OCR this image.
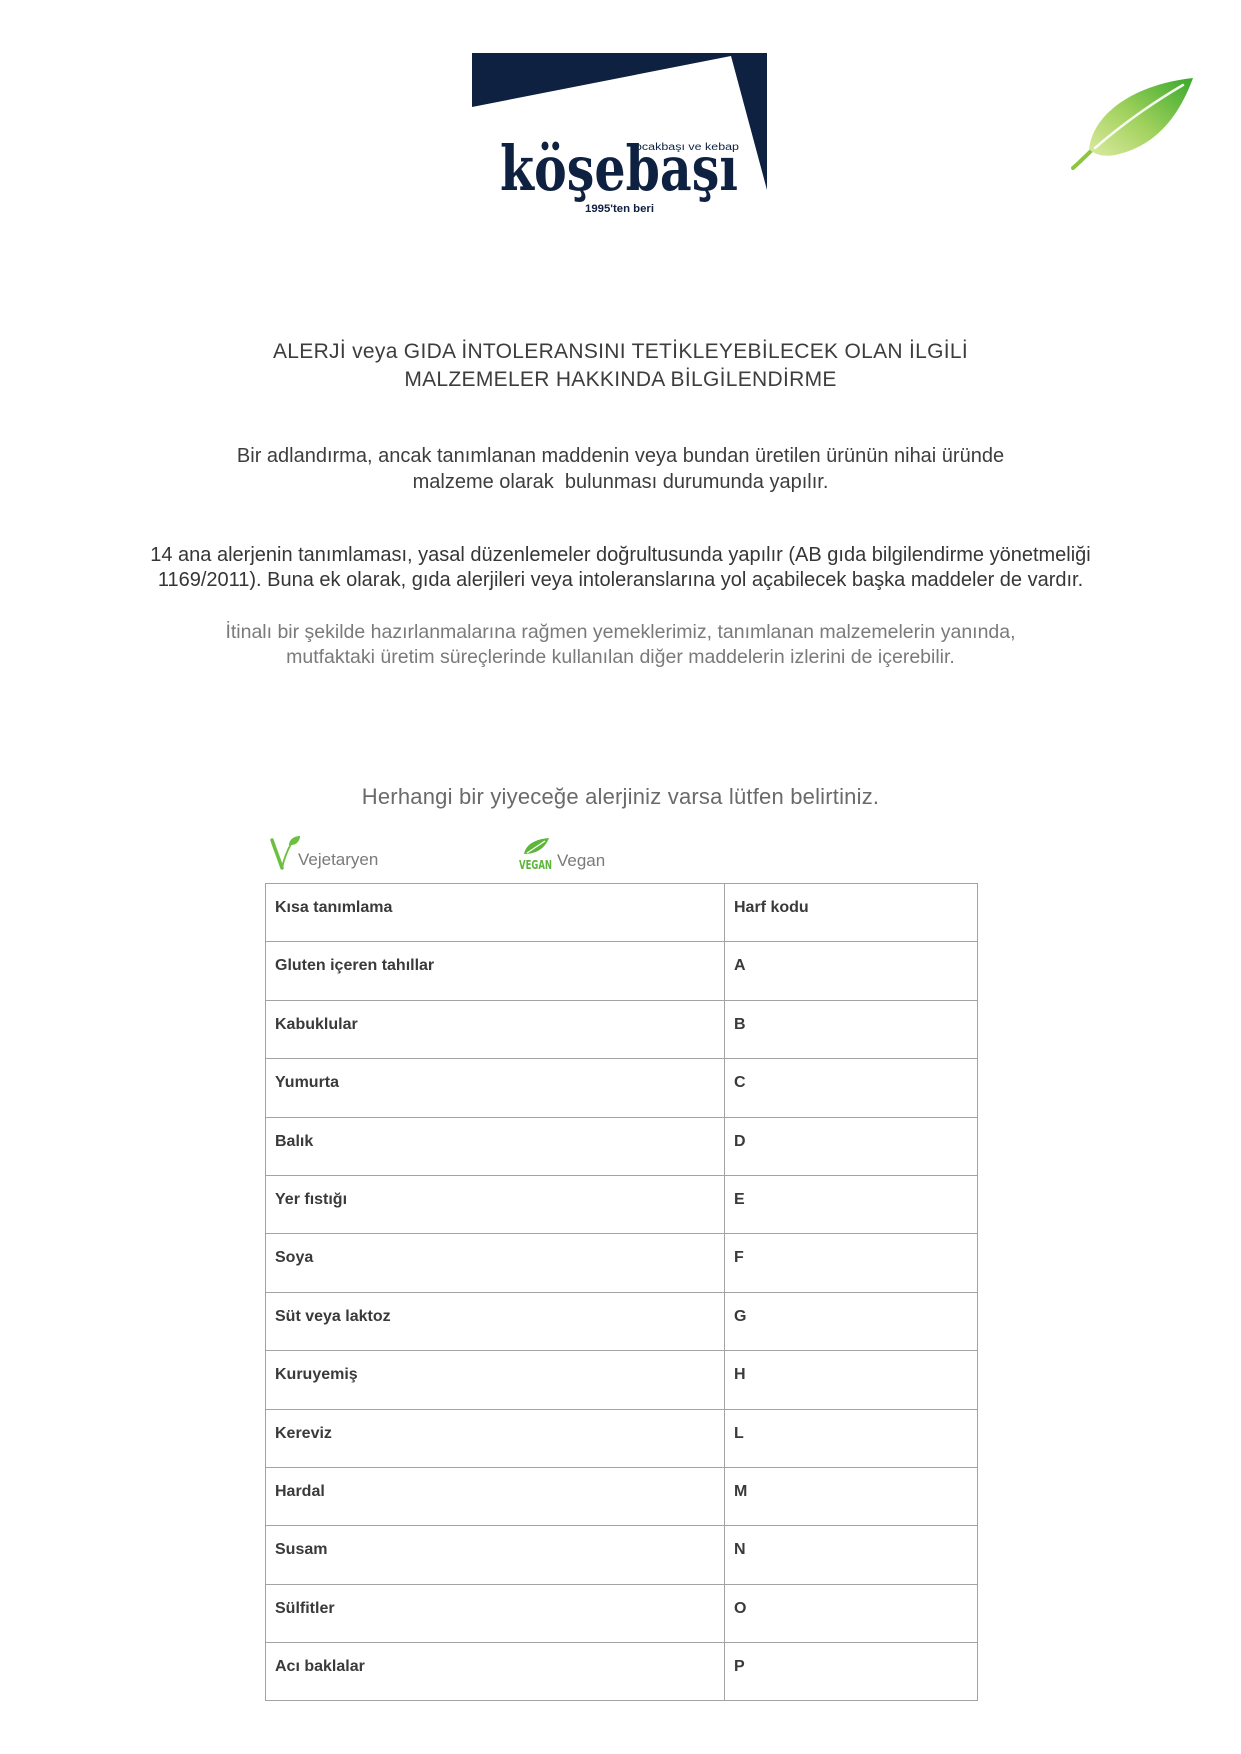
ocakbaşı ve kebap
köşebaşı
1995'ten beri
ALERJİ veya GIDA İNTOLERANSINI TETİKLEYEBİLECEK OLAN İLGİLİ
MALZEMELER HAKKINDA BİLGİLENDİRME
Bir adlandırma, ancak tanımlanan maddenin veya bundan üretilen ürünün nihai üründe
malzeme olarak  bulunması durumunda yapılır.
14 ana alerjenin tanımlaması, yasal düzenlemeler doğrultusunda yapılır (AB gıda bilgilendirme yönetmeliği
1169/2011). Buna ek olarak, gıda alerjileri veya intoleranslarına yol açabilecek başka maddeler de vardır.
İtinalı bir şekilde hazırlanmalarına rağmen yemeklerimiz, tanımlanan malzemelerin yanında,
mutfaktaki üretim süreçlerinde kullanılan diğer maddelerin izlerini de içerebilir.
Herhangi bir yiyeceğe alerjiniz varsa lütfen belirtiniz.
Vejetaryen	VEGAN Vegan
Kısa tanımlama	Harf kodu
Gluten içeren tahıllar	A
Kabuklular	B
Yumurta	C
Balık	D
Yer fıstığı	E
Soya	F
Süt veya laktoz	G
Kuruyemiş	H
Kereviz	L
Hardal	M
Susam	N
Sülfitler	O
Acı baklalar	P
